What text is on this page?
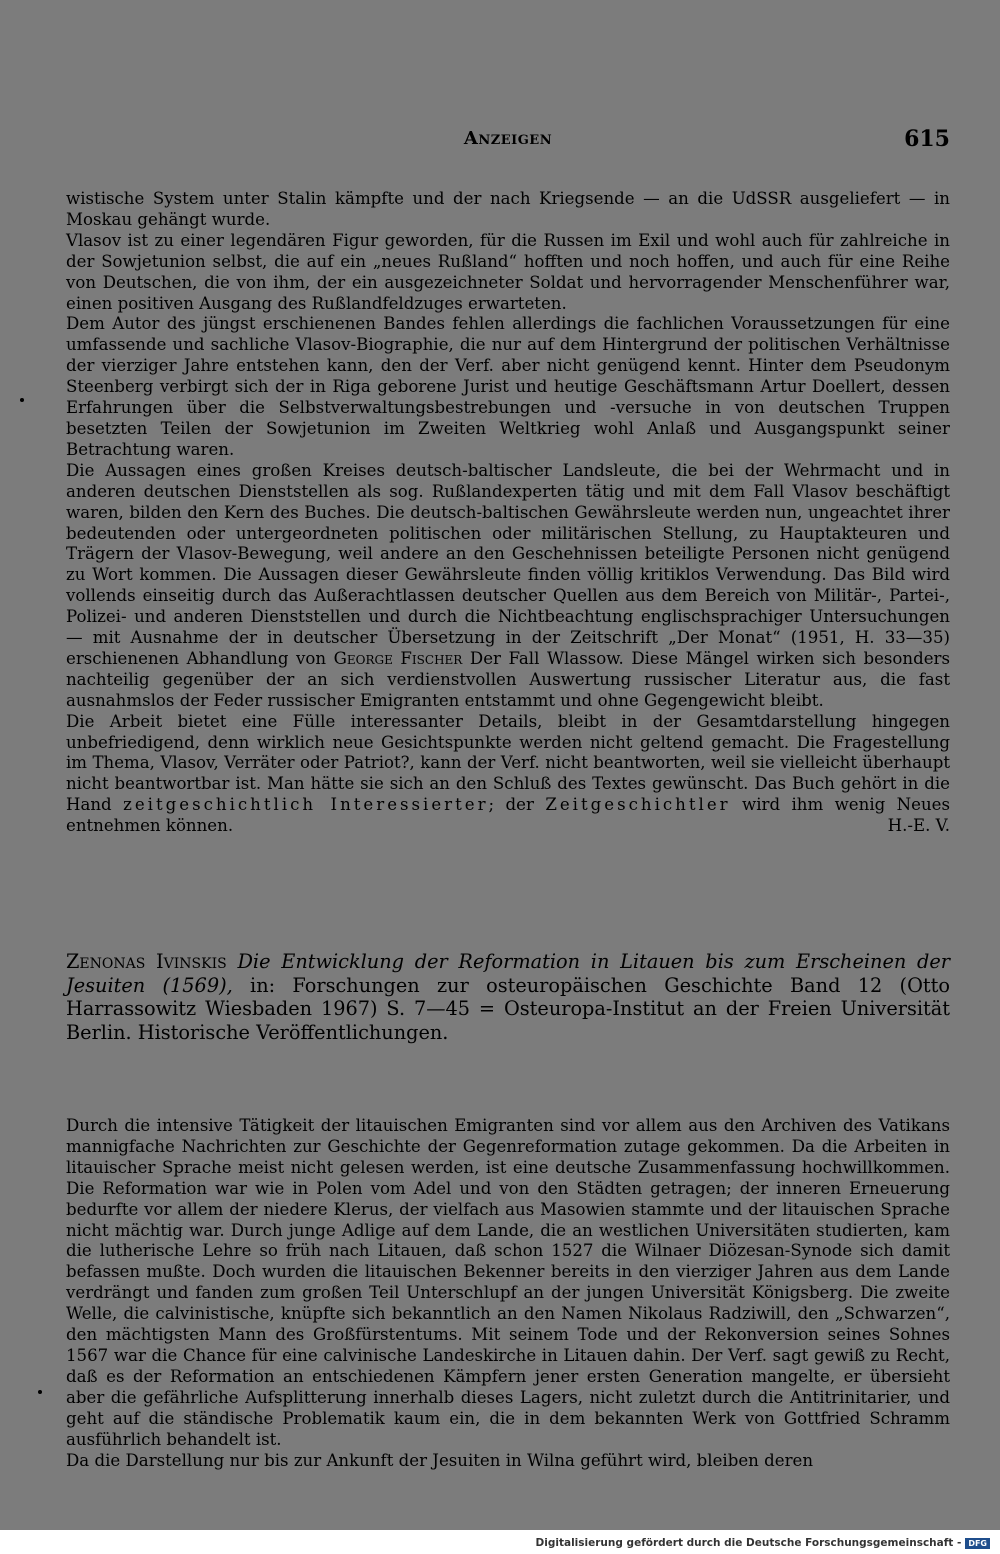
Anzeigen	615

wistische System unter Stalin kämpfte und der nach Kriegsende — an die UdSSR ausgeliefert — in Moskau gehängt wurde.

Vlasov ist zu einer legendären Figur geworden, für die Russen im Exil und wohl auch für zahlreiche in der Sowjetunion selbst, die auf ein „neues Rußland“ hofften und noch hoffen, und auch für eine Reihe von Deutschen, die von ihm, der ein ausgezeichneter Soldat und hervorragender Menschenführer war, einen positiven Ausgang des Rußlandfeldzuges erwarteten.

Dem Autor des jüngst erschienenen Bandes fehlen allerdings die fachlichen Voraussetzungen für eine umfassende und sachliche Vlasov-Biographie, die nur auf dem Hintergrund der politischen Verhältnisse der vierziger Jahre entstehen kann, den der Verf. aber nicht genügend kennt. Hinter dem Pseudonym Steenberg verbirgt sich der in Riga geborene Jurist und heutige Geschäftsmann Artur Doellert, dessen Erfahrungen über die Selbstverwaltungsbestrebungen und -versuche in von deutschen Truppen besetzten Teilen der Sowjetunion im Zweiten Weltkrieg wohl Anlaß und Ausgangspunkt seiner Betrachtung waren.

Die Aussagen eines großen Kreises deutsch-baltischer Landsleute, die bei der Wehrmacht und in anderen deutschen Dienststellen als sog. Rußlandexperten tätig und mit dem Fall Vlasov beschäftigt waren, bilden den Kern des Buches. Die deutsch-baltischen Gewährsleute werden nun, ungeachtet ihrer bedeutenden oder untergeordneten politischen oder militärischen Stellung, zu Hauptakteuren und Trägern der Vlasov-Bewegung, weil andere an den Geschehnissen beteiligte Personen nicht genügend zu Wort kommen. Die Aussagen dieser Gewährsleute finden völlig kritiklos Verwendung. Das Bild wird vollends einseitig durch das Außerachtlassen deutscher Quellen aus dem Bereich von Militär-, Partei-, Polizei- und anderen Dienststellen und durch die Nichtbeachtung englischsprachiger Untersuchungen — mit Ausnahme der in deutscher Übersetzung in der Zeitschrift „Der Monat“ (1951, H. 33—35) erschienenen Abhandlung von George Fischer Der Fall Wlassow. Diese Mängel wirken sich besonders nachteilig gegenüber der an sich verdienstvollen Auswertung russischer Literatur aus, die fast ausnahmslos der Feder russischer Emigranten entstammt und ohne Gegengewicht bleibt.

Die Arbeit bietet eine Fülle interessanter Details, bleibt in der Gesamtdarstellung hingegen unbefriedigend, denn wirklich neue Gesichtspunkte werden nicht geltend gemacht. Die Fragestellung im Thema, Vlasov, Verräter oder Patriot?, kann der Verf. nicht beantworten, weil sie vielleicht überhaupt nicht beantwortbar ist. Man hätte sie sich an den Schluß des Textes gewünscht. Das Buch gehört in die Hand zeitgeschichtlich Interessierter; der Zeitgeschichtler wird ihm wenig Neues entnehmen können.	H.-E. V.

Zenonas Ivinskis Die Entwicklung der Reformation in Litauen bis zum Erscheinen der Jesuiten (1569), in: Forschungen zur osteuropäischen Geschichte Band 12 (Otto Harrassowitz Wiesbaden 1967) S. 7—45 = Osteuropa-Institut an der Freien Universität Berlin. Historische Veröffentlichungen.

Durch die intensive Tätigkeit der litauischen Emigranten sind vor allem aus den Archiven des Vatikans mannigfache Nachrichten zur Geschichte der Gegenreformation zutage gekommen. Da die Arbeiten in litauischer Sprache meist nicht gelesen werden, ist eine deutsche Zusammenfassung hochwillkommen. Die Reformation war wie in Polen vom Adel und von den Städten getragen; der inneren Erneuerung bedurfte vor allem der niedere Klerus, der vielfach aus Masowien stammte und der litauischen Sprache nicht mächtig war. Durch junge Adlige auf dem Lande, die an westlichen Universitäten studierten, kam die lutherische Lehre so früh nach Litauen, daß schon 1527 die Wilnaer Diözesan-Synode sich damit befassen mußte. Doch wurden die litauischen Bekenner bereits in den vierziger Jahren aus dem Lande verdrängt und fanden zum großen Teil Unterschlupf an der jungen Universität Königsberg. Die zweite Welle, die calvinistische, knüpfte sich bekanntlich an den Namen Nikolaus Radziwill, den „Schwarzen“, den mächtigsten Mann des Großfürstentums. Mit seinem Tode und der Rekonversion seines Sohnes 1567 war die Chance für eine calvinische Landeskirche in Litauen dahin. Der Verf. sagt gewiß zu Recht, daß es der Reformation an entschiedenen Kämpfern jener ersten Generation mangelte, er übersieht aber die gefährliche Aufsplitterung innerhalb dieses Lagers, nicht zuletzt durch die Antitrinitarier, und geht auf die ständische Problematik kaum ein, die in dem bekannten Werk von Gottfried Schramm ausführlich behandelt ist.

Da die Darstellung nur bis zur Ankunft der Jesuiten in Wilna geführt wird, bleiben deren

Digitalisierung gefördert durch die Deutsche Forschungsgemeinschaft - DFG
